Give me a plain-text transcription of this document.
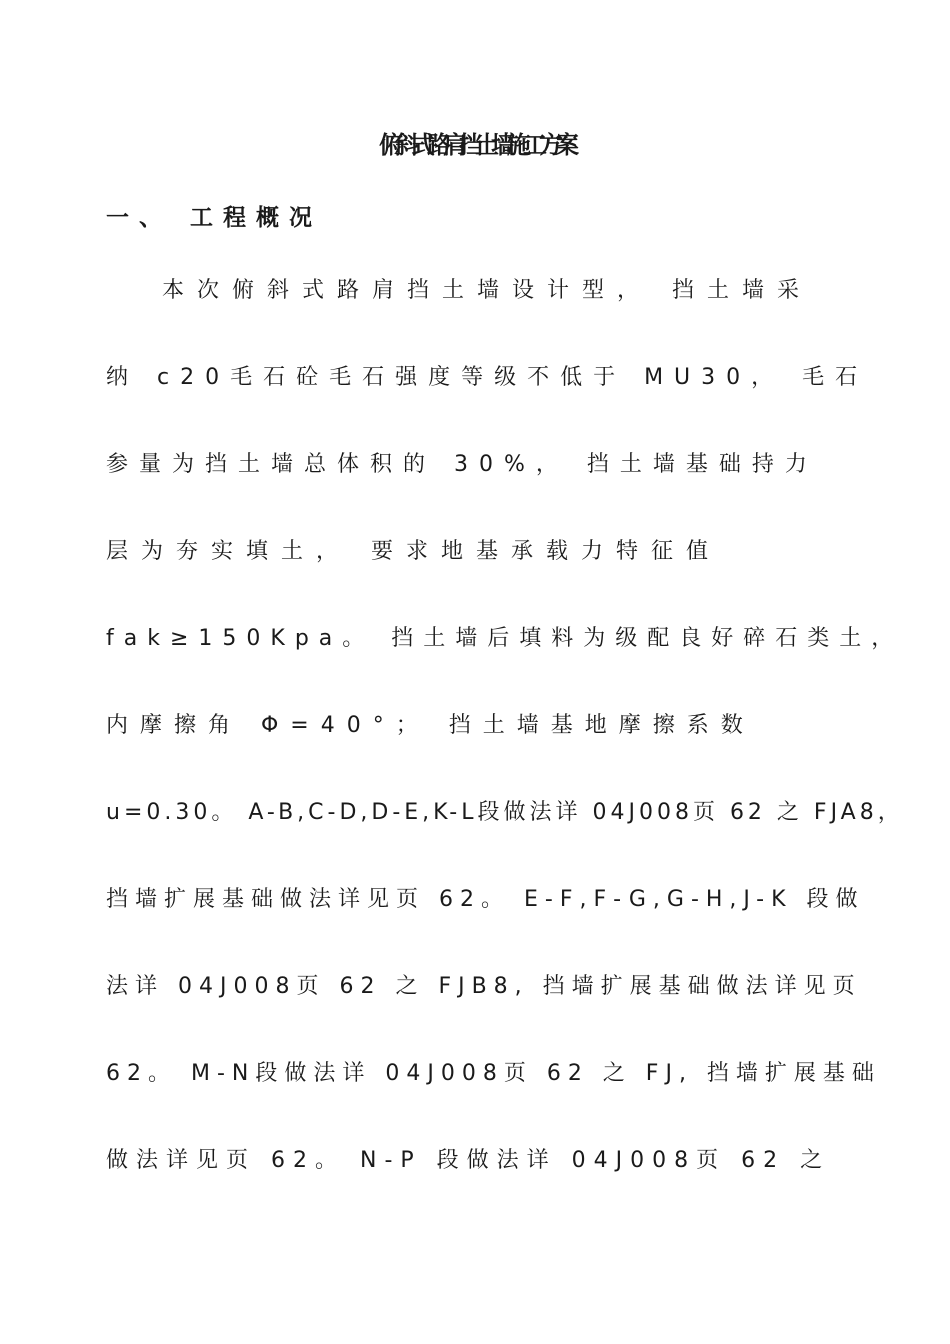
俯斜式路肩挡土墙施工方案
一、 工程概况
本次俯斜式路肩挡土墙设计型， 挡土墙采
纳 c20毛石砼毛石强度等级不低于 MU30， 毛石
参量为挡土墙总体积的 30%， 挡土墙基础持力
层为夯实填土， 要求地基承载力特征值
fak≥150Kpa。 挡土墙后填料为级配良好碎石类土，
内摩擦角 Φ=40°； 挡土墙基地摩擦系数
u=0.30。 A-B,C-D,D-E,K-L段做法详 04J008页 62 之 FJA8，
挡墙扩展基础做法详见页 62。 E-F,F-G,G-H,J-K 段做
法详 04J008页 62 之 FJB8, 挡墙扩展基础做法详见页
62。 M-N段做法详 04J008页 62 之 FJ, 挡墙扩展基础
做法详见页 62。 N-P 段做法详 04J008页 62 之
